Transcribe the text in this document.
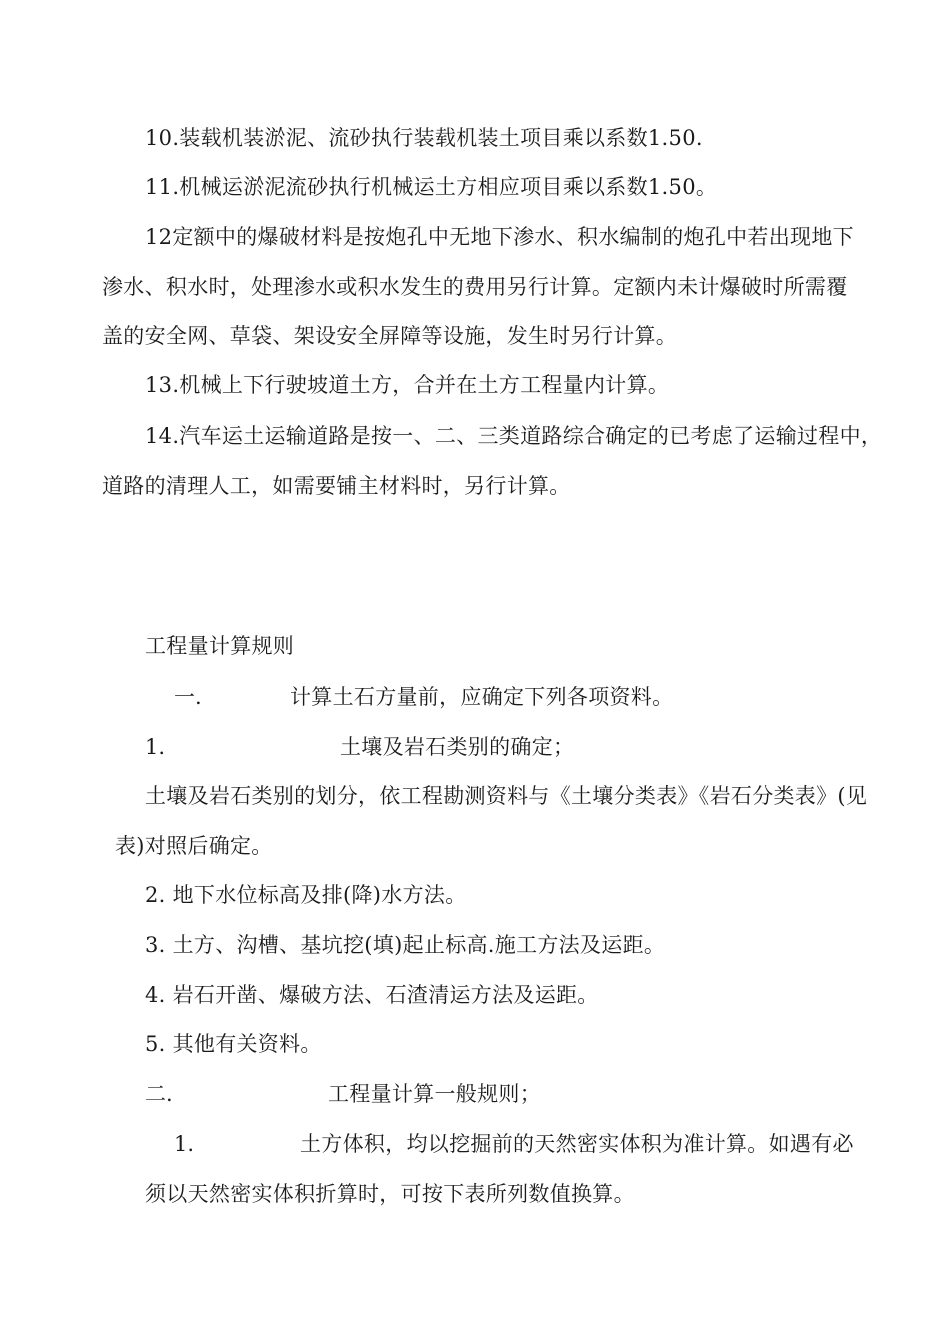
10.装载机装淤泥、流砂执行装载机装土项目乘以系数1.50.
11.机械运淤泥流砂执行机械运土方相应项目乘以系数1.50。
12定额中的爆破材料是按炮孔中无地下渗水、积水编制的炮孔中若出现地下
渗水、积水时，处理渗水或积水发生的费用另行计算。定额内未计爆破时所需覆
盖的安全网、草袋、架设安全屏障等设施，发生时另行计算。
13.机械上下行驶坡道土方，合并在土方工程量内计算。
14.汽车运土运输道路是按一、二、三类道路综合确定的已考虑了运输过程中，
道路的清理人工，如需要铺主材料时，另行计算。
工程量计算规则
一.	计算土石方量前，应确定下列各项资料。
1.	土壤及岩石类别的确定；
土壤及岩石类别的划分，依工程勘测资料与《土壤分类表》《岩石分类表》(见
表)对照后确定。
2. 地下水位标高及排(降)水方法。
3. 土方、沟槽、基坑挖(填)起止标高.施工方法及运距。
4. 岩石开凿、爆破方法、石渣清运方法及运距。
5. 其他有关资料。
二.	工程量计算一般规则；
1.	土方体积，均以挖掘前的天然密实体积为准计算。如遇有必
须以天然密实体积折算时，可按下表所列数值换算。
